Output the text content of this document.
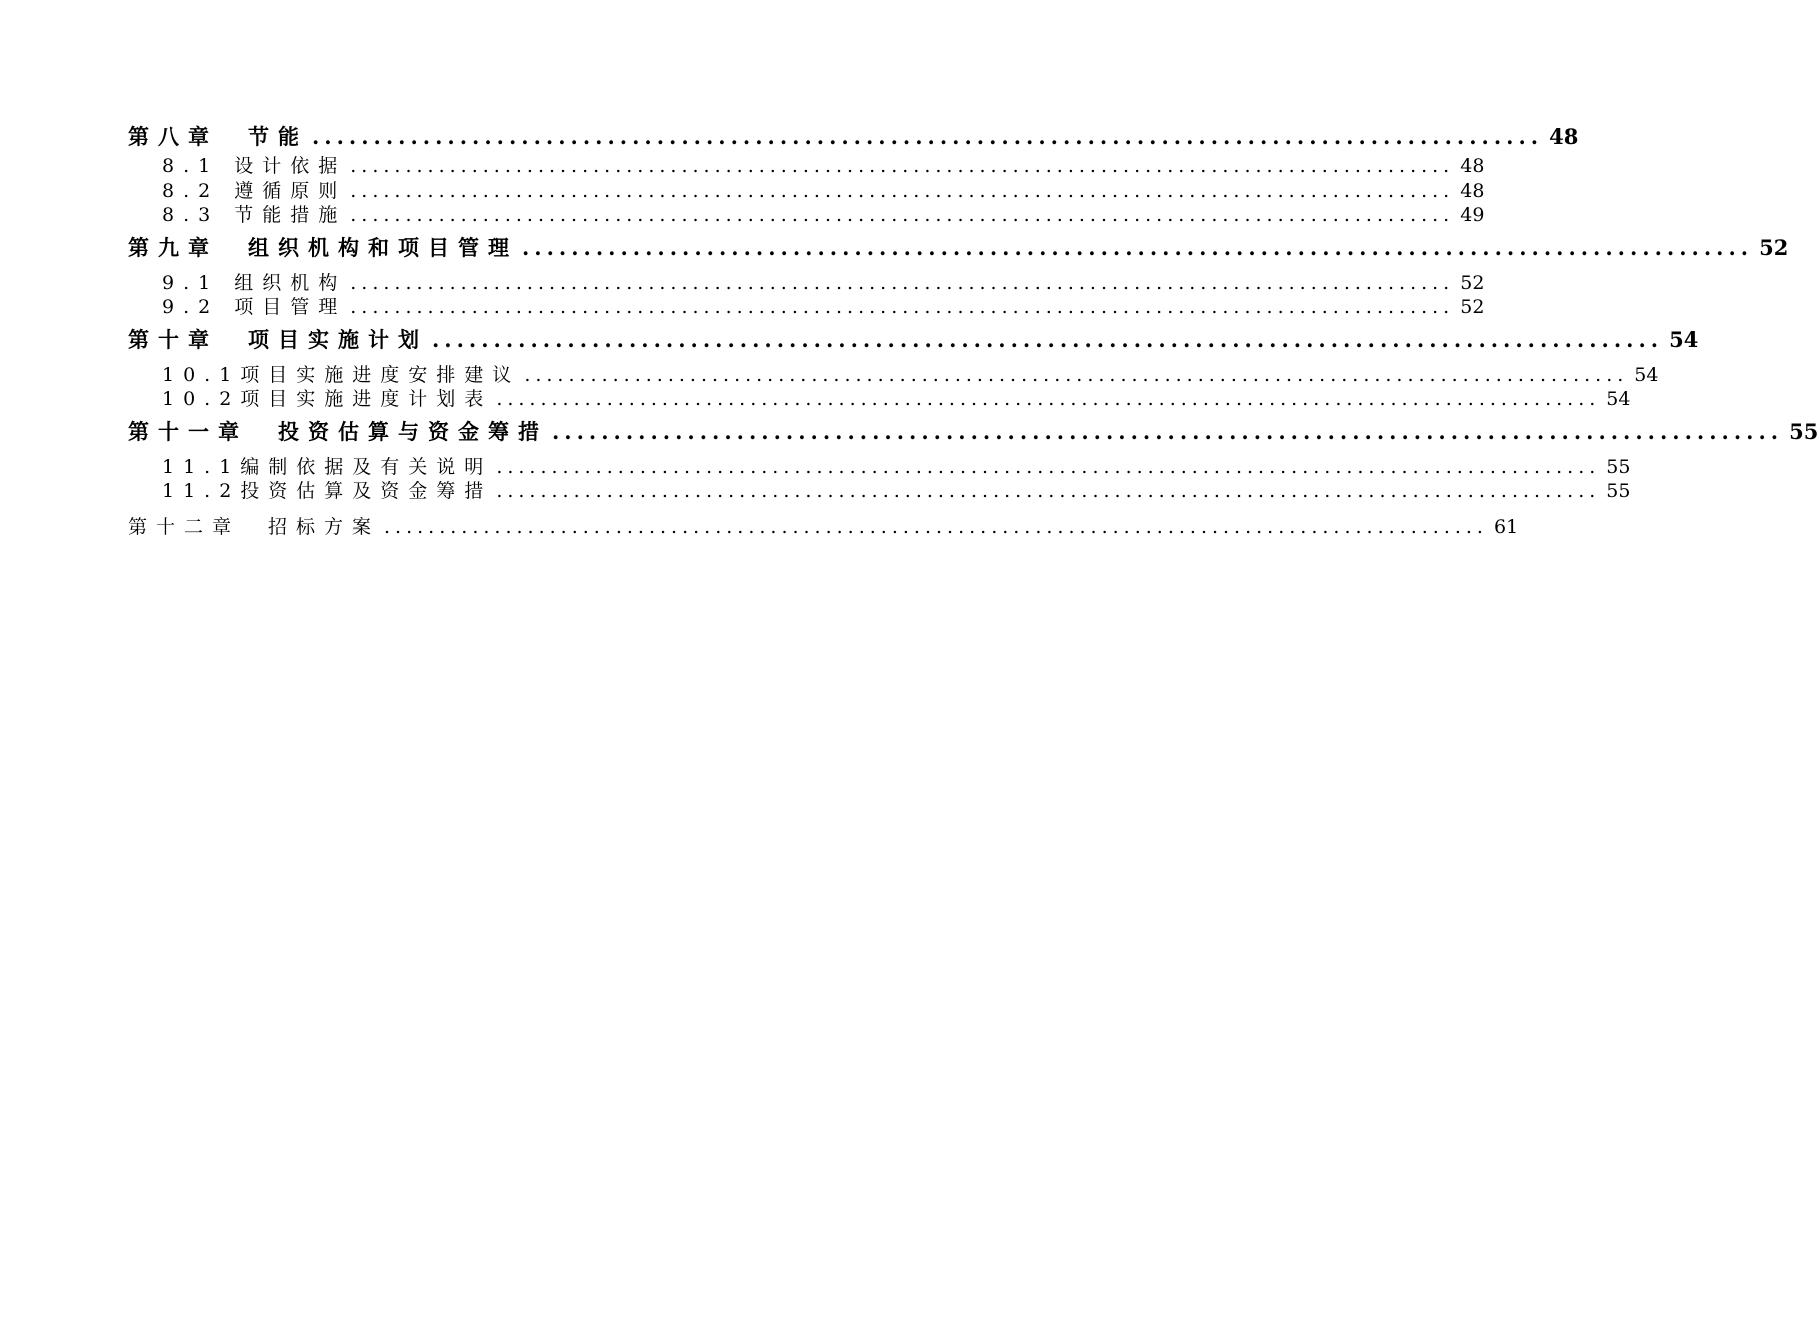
第八章　节能 .................................................................................................... 48
8.1 设计依据 .................................................................................................... 48
8.2 遵循原则 .................................................................................................... 48
8.3 节能措施 .................................................................................................... 49
第九章　组织机构和项目管理 .................................................................................................... 52
9.1 组织机构 .................................................................................................... 52
9.2 项目管理 .................................................................................................... 52
第十章　项目实施计划 .................................................................................................... 54
10.1项目实施进度安排建议 .................................................................................................... 54
10.2项目实施进度计划表 .................................................................................................... 54
第十一章　投资估算与资金筹措 .................................................................................................... 55
11.1编制依据及有关说明 .................................................................................................... 55
11.2投资估算及资金筹措 .................................................................................................... 55
第十二章　招标方案 .................................................................................................... 61
